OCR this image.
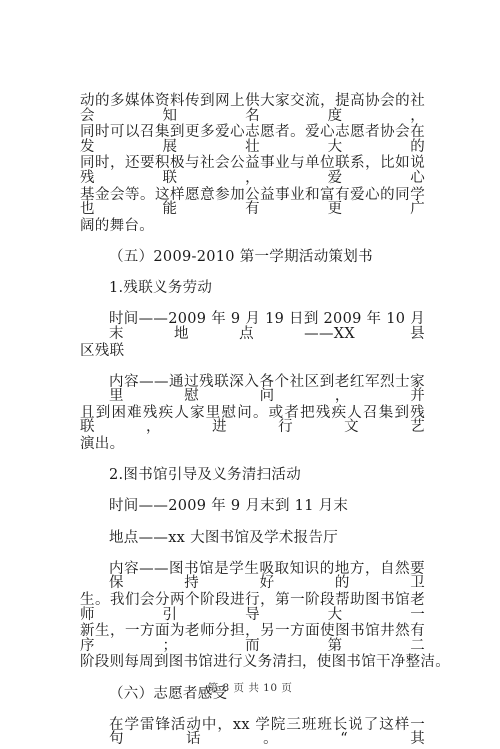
动的多媒体资料传到网上供大家交流，提高协会的社会知名度，
同时可以召集到更多爱心志愿者。爱心志愿者协会在发展壮大的
同时，还要积极与社会公益事业与单位联系，比如说残联，爱心
基金会等。这样愿意参加公益事业和富有爱心的同学也能有更广
阔的舞台。
（五）2009-2010 第一学期活动策划书
1.残联义务劳动
时间——2009 年 9 月 19 日到 2009 年 10 月末地点——XX 县
区残联
内容——通过残联深入各个社区到老红军烈士家里慰问，并
且到困难残疾人家里慰问。或者把残疾人召集到残联，进行文艺
演出。
2.图书馆引导及义务清扫活动
时间——2009 年 9 月末到 11 月末
地点——xx 大图书馆及学术报告厅
内容——图书馆是学生吸取知识的地方，自然要保持好的卫
生。我们会分两个阶段进行，第一阶段帮助图书馆老师引导大一
新生，一方面为老师分担，另一方面使图书馆井然有序；而第二
阶段则每周到图书馆进行义务清扫，使图书馆干净整洁。
（六）志愿者感受
在学雷锋活动中，xx 学院三班班长说了这样一句话。“其
第 8 页 共 10 页
